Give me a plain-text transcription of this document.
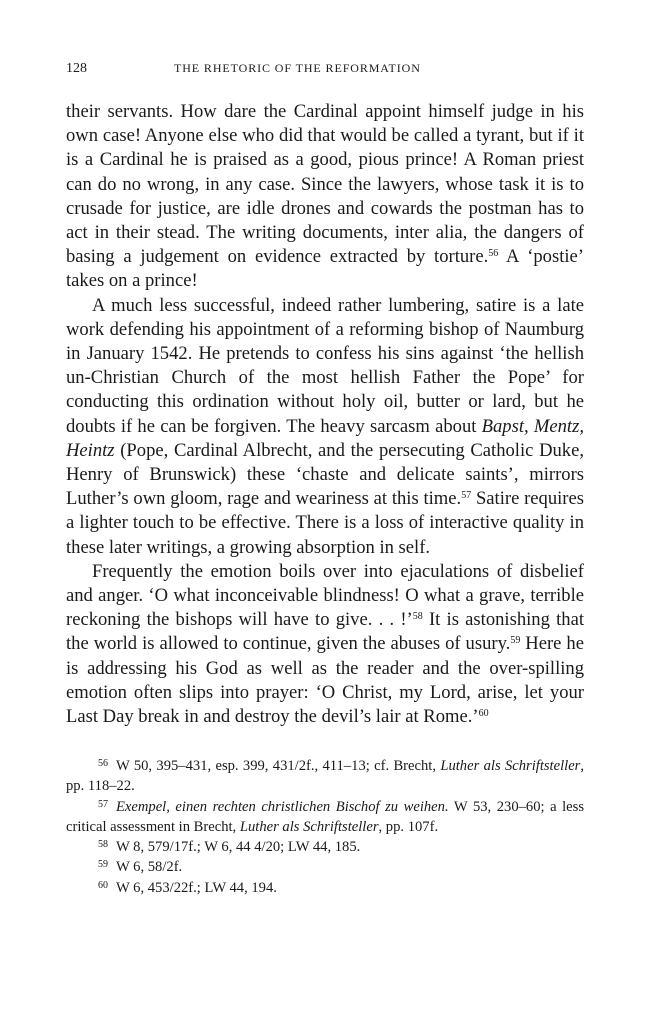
128	THE RHETORIC OF THE REFORMATION

their servants. How dare the Cardinal appoint himself judge in his own case! Anyone else who did that would be called a tyrant, but if it is a Cardinal he is praised as a good, pious prince! A Roman priest can do no wrong, in any case. Since the lawyers, whose task it is to crusade for justice, are idle drones and cowards the postman has to act in their stead. The writing documents, inter alia, the dangers of basing a judgement on evidence extracted by torture.$^{56}$ A ‘postie’ takes on a prince!

A much less successful, indeed rather lumbering, satire is a late work defending his appointment of a reforming bishop of Naumburg in January 1542. He pretends to confess his sins against ‘the hellish un-Christian Church of the most hellish Father the Pope’ for conducting this ordination without holy oil, butter or lard, but he doubts if he can be forgiven. The heavy sarcasm about Bapst, Mentz, Heintz (Pope, Cardinal Albrecht, and the persecuting Catholic Duke, Henry of Brunswick) these ‘chaste and delicate saints’, mirrors Luther’s own gloom, rage and weariness at this time.$^{57}$ Satire requires a lighter touch to be effective. There is a loss of interactive quality in these later writings, a growing absorption in self.

Frequently the emotion boils over into ejaculations of disbelief and anger. ‘O what inconceivable blindness! O what a grave, terrible reckoning the bishops will have to give. . . !’$^{58}$ It is astonishing that the world is allowed to continue, given the abuses of usury.$^{59}$ Here he is addressing his God as well as the reader and the over-spilling emotion often slips into prayer: ‘O Christ, my Lord, arise, let your Last Day break in and destroy the devil’s lair at Rome.’$^{60}$

56 W 50, 395–431, esp. 399, 431/2f., 411–13; cf. Brecht, Luther als Schriftsteller, pp. 118–22.

57 Exempel, einen rechten christlichen Bischof zu weihen. W 53, 230–60; a less critical assessment in Brecht, Luther als Schriftsteller, pp. 107f.

58 W 8, 579/17f.; W 6, 44 4/20; LW 44, 185.

59 W 6, 58/2f.

60 W 6, 453/22f.; LW 44, 194.
